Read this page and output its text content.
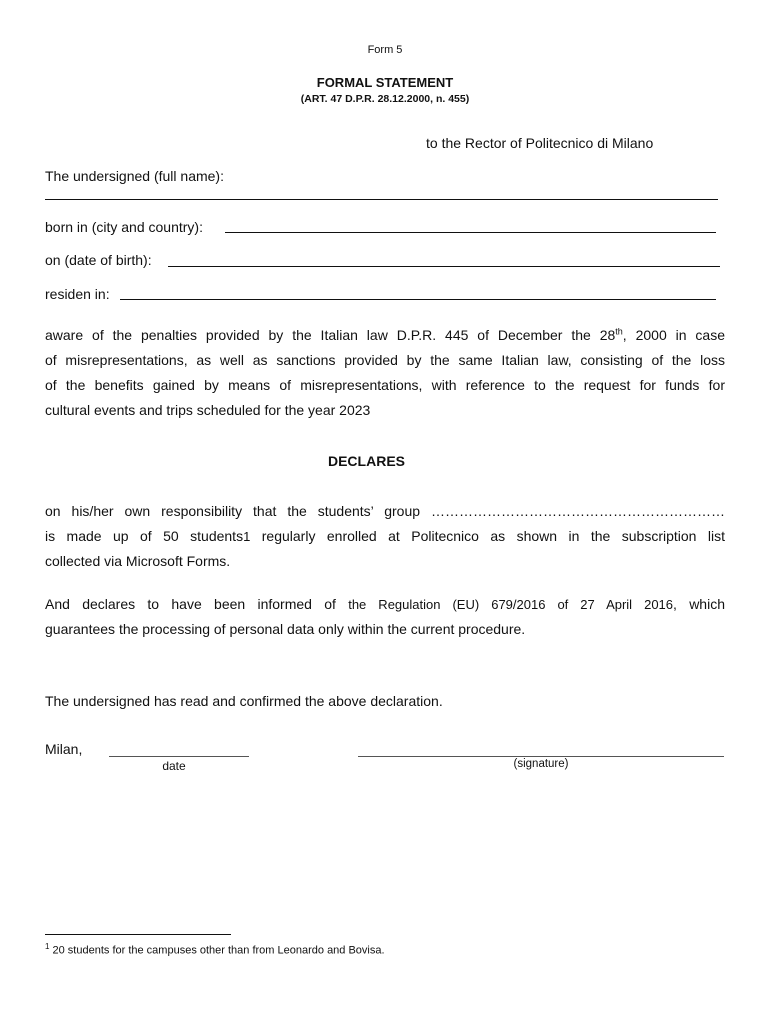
Form 5
FORMAL STATEMENT
(ART. 47 D.P.R. 28.12.2000, n. 455)
to the Rector of Politecnico di Milano
The undersigned (full name):
born in (city and country):
on (date of birth):
residen in:
aware of the penalties provided by the Italian law D.P.R. 445 of December the 28th, 2000 in case
of misrepresentations, as well as sanctions provided by the same Italian law, consisting of the loss
of the benefits gained by means of misrepresentations, with reference to the request for funds for
cultural events and trips scheduled for the year 2023
DECLARES
on his/her own responsibility that the students’ group ………………………………………………………
is made up of 50 students1 regularly enrolled at Politecnico as shown in the subscription list
collected via Microsoft Forms.
And declares to have been informed of the Regulation (EU) 679/2016 of 27 April 2016, which
guarantees the processing of personal data only within the current procedure.
The undersigned has read and confirmed the above declaration.
Milan,
date	(signature)
$^1$ 20 students for the campuses other than from Leonardo and Bovisa.
